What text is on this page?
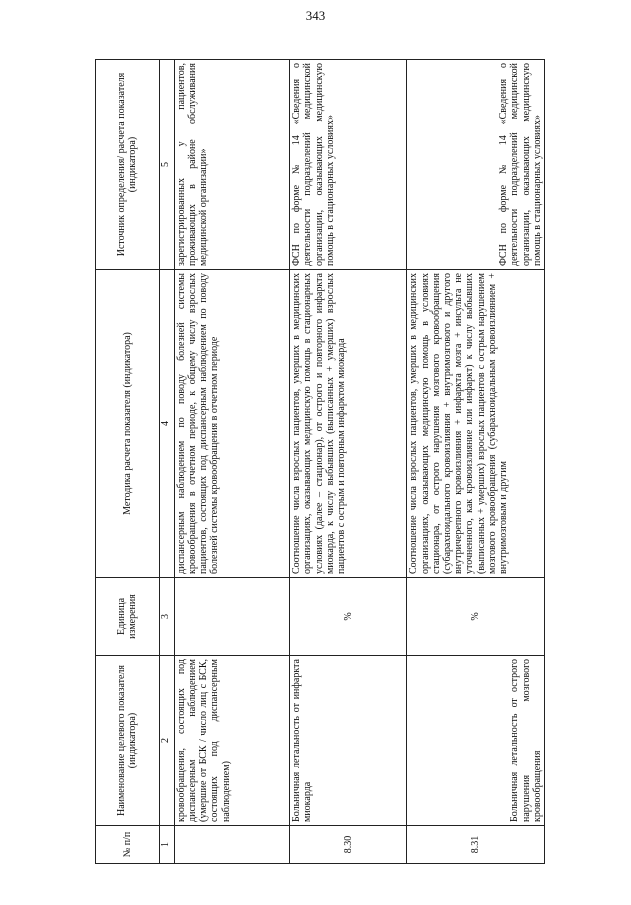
343
№ п/п	Наименование целевого показателя (индикатора)	Единица измерения	Методика расчета показателя (индикатора)	Источник определения/ расчета показателя (индикатора)
1	2	3	4	5
	кровообращения, состоящих под диспансерным наблюдением (умершие от БСК / число лиц с БСК, состоящих под диспансерным наблюдением)		диспансерным наблюдением по поводу болезней системы кровообращения в отчетном периоде, к общему числу взрослых пациентов, состоящих под диспансерным наблюдением по поводу болезней системы кровообращения в отчетном периоде	зарегистрированных у пациентов, проживающих в районе обслуживания медицинской организации»
8.30	Больничная летальность от инфаркта миокарда	%	Соотношение числа взрослых пациентов, умерших в медицинских организациях, оказывающих медицинскую помощь в стационарных условиях (далее – стационар), от острого и повторного инфаркта миокарда, к числу выбывших (выписанных + умерших) взрослых пациентов с острым и повторным инфарктом миокарда	ФСН по форме № 14 «Сведения о деятельности подразделений медицинской организации, оказывающих медицинскую помощь в стационарных условиях»
8.31	Больничная летальность от острого нарушения мозгового кровообращения	%	Соотношение числа взрослых пациентов, умерших в медицинских организациях, оказывающих медицинскую помощь в условиях стационара, от острого нарушения мозгового кровообращения (субарахноидального кровоизлияния + внутримозгового и другого внутричерепного кровоизлияния + инфаркта мозга + инсульта не уточненного, как кровоизлияние или инфаркт) к числу выбывших (выписанных + умерших) взрослых пациентов с острым нарушением мозгового кровообращения (субарахноидальным кровоизлиянием + внутримозговым и другим	ФСН по форме № 14 «Сведения о деятельности подразделений медицинской организации, оказывающих медицинскую помощь в стационарных условиях»
